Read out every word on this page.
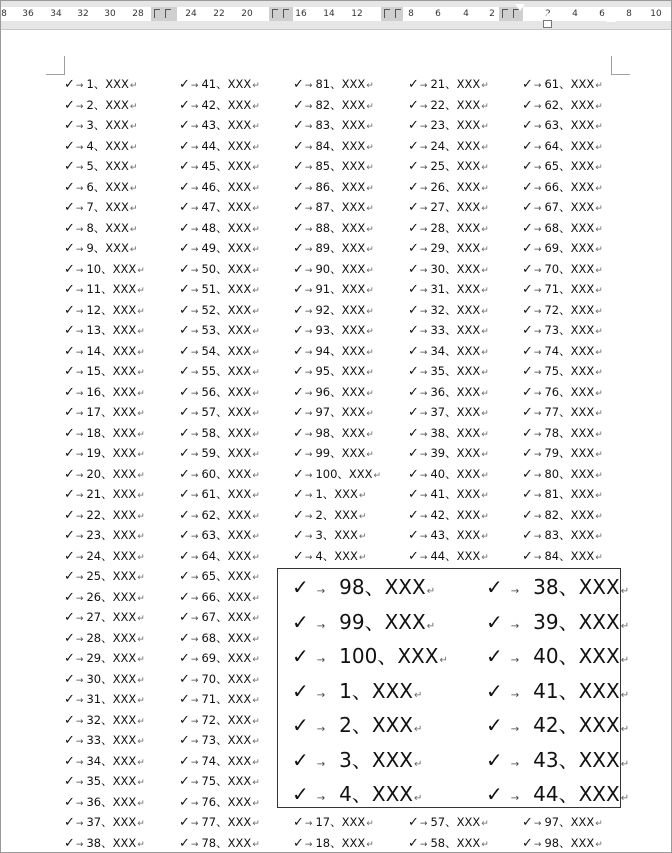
8 36 34 32 30 28	24 22 20	16 14 12	8 6 4 2	2 4 6 8 10
✓→ 1、XXX↵
✓→ 2、XXX↵
✓→ 3、XXX↵
✓→ 4、XXX↵
✓→ 5、XXX↵
✓→ 6、XXX↵
✓→ 7、XXX↵
✓→ 8、XXX↵
✓→ 9、XXX↵
✓→ 10、XXX↵
✓→ 11、XXX↵
✓→ 12、XXX↵
✓→ 13、XXX↵
✓→ 14、XXX↵
✓→ 15、XXX↵
✓→ 16、XXX↵
✓→ 17、XXX↵
✓→ 18、XXX↵
✓→ 19、XXX↵
✓→ 20、XXX↵
✓→ 21、XXX↵
✓→ 22、XXX↵
✓→ 23、XXX↵
✓→ 24、XXX↵
✓→ 25、XXX↵
✓→ 26、XXX↵
✓→ 27、XXX↵
✓→ 28、XXX↵
✓→ 29、XXX↵
✓→ 30、XXX↵
✓→ 31、XXX↵
✓→ 32、XXX↵
✓→ 33、XXX↵
✓→ 34、XXX↵
✓→ 35、XXX↵
✓→ 36、XXX↵
✓→ 37、XXX↵
✓→ 38、XXX↵
✓→ 41、XXX↵
✓→ 42、XXX↵
✓→ 43、XXX↵
✓→ 44、XXX↵
✓→ 45、XXX↵
✓→ 46、XXX↵
✓→ 47、XXX↵
✓→ 48、XXX↵
✓→ 49、XXX↵
✓→ 50、XXX↵
✓→ 51、XXX↵
✓→ 52、XXX↵
✓→ 53、XXX↵
✓→ 54、XXX↵
✓→ 55、XXX↵
✓→ 56、XXX↵
✓→ 57、XXX↵
✓→ 58、XXX↵
✓→ 59、XXX↵
✓→ 60、XXX↵
✓→ 61、XXX↵
✓→ 62、XXX↵
✓→ 63、XXX↵
✓→ 64、XXX↵
✓→ 65、XXX↵
✓→ 66、XXX↵
✓→ 67、XXX↵
✓→ 68、XXX↵
✓→ 69、XXX↵
✓→ 70、XXX↵
✓→ 71、XXX↵
✓→ 72、XXX↵
✓→ 73、XXX↵
✓→ 74、XXX↵
✓→ 75、XXX↵
✓→ 76、XXX↵
✓→ 77、XXX↵
✓→ 78、XXX↵
✓→ 81、XXX↵
✓→ 82、XXX↵
✓→ 83、XXX↵
✓→ 84、XXX↵
✓→ 85、XXX↵
✓→ 86、XXX↵
✓→ 87、XXX↵
✓→ 88、XXX↵
✓→ 89、XXX↵
✓→ 90、XXX↵
✓→ 91、XXX↵
✓→ 92、XXX↵
✓→ 93、XXX↵
✓→ 94、XXX↵
✓→ 95、XXX↵
✓→ 96、XXX↵
✓→ 97、XXX↵
✓→ 98、XXX↵
✓→ 99、XXX↵
✓→ 100、XXX↵
✓→ 1、XXX↵
✓→ 2、XXX↵
✓→ 3、XXX↵
✓→ 4、XXX↵
✓→ 17、XXX↵
✓→ 18、XXX↵
✓→ 21、XXX↵
✓→ 22、XXX↵
✓→ 23、XXX↵
✓→ 24、XXX↵
✓→ 25、XXX↵
✓→ 26、XXX↵
✓→ 27、XXX↵
✓→ 28、XXX↵
✓→ 29、XXX↵
✓→ 30、XXX↵
✓→ 31、XXX↵
✓→ 32、XXX↵
✓→ 33、XXX↵
✓→ 34、XXX↵
✓→ 35、XXX↵
✓→ 36、XXX↵
✓→ 37、XXX↵
✓→ 38、XXX↵
✓→ 39、XXX↵
✓→ 40、XXX↵
✓→ 41、XXX↵
✓→ 42、XXX↵
✓→ 43、XXX↵
✓→ 44、XXX↵
✓→ 57、XXX↵
✓→ 58、XXX↵
✓→ 61、XXX↵
✓→ 62、XXX↵
✓→ 63、XXX↵
✓→ 64、XXX↵
✓→ 65、XXX↵
✓→ 66、XXX↵
✓→ 67、XXX↵
✓→ 68、XXX↵
✓→ 69、XXX↵
✓→ 70、XXX↵
✓→ 71、XXX↵
✓→ 72、XXX↵
✓→ 73、XXX↵
✓→ 74、XXX↵
✓→ 75、XXX↵
✓→ 76、XXX↵
✓→ 77、XXX↵
✓→ 78、XXX↵
✓→ 79、XXX↵
✓→ 80、XXX↵
✓→ 81、XXX↵
✓→ 82、XXX↵
✓→ 83、XXX↵
✓→ 84、XXX↵
✓→ 97、XXX↵
✓→ 98、XXX↵
✓ → 98、XXX↵
✓ → 99、XXX↵
✓ → 100、XXX↵
✓ → 1、XXX↵
✓ → 2、XXX↵
✓ → 3、XXX↵
✓ → 4、XXX↵
✓ → 38、XXX↵
✓ → 39、XXX↵
✓ → 40、XXX↵
✓ → 41、XXX↵
✓ → 42、XXX↵
✓ → 43、XXX↵
✓ → 44、XXX↵
